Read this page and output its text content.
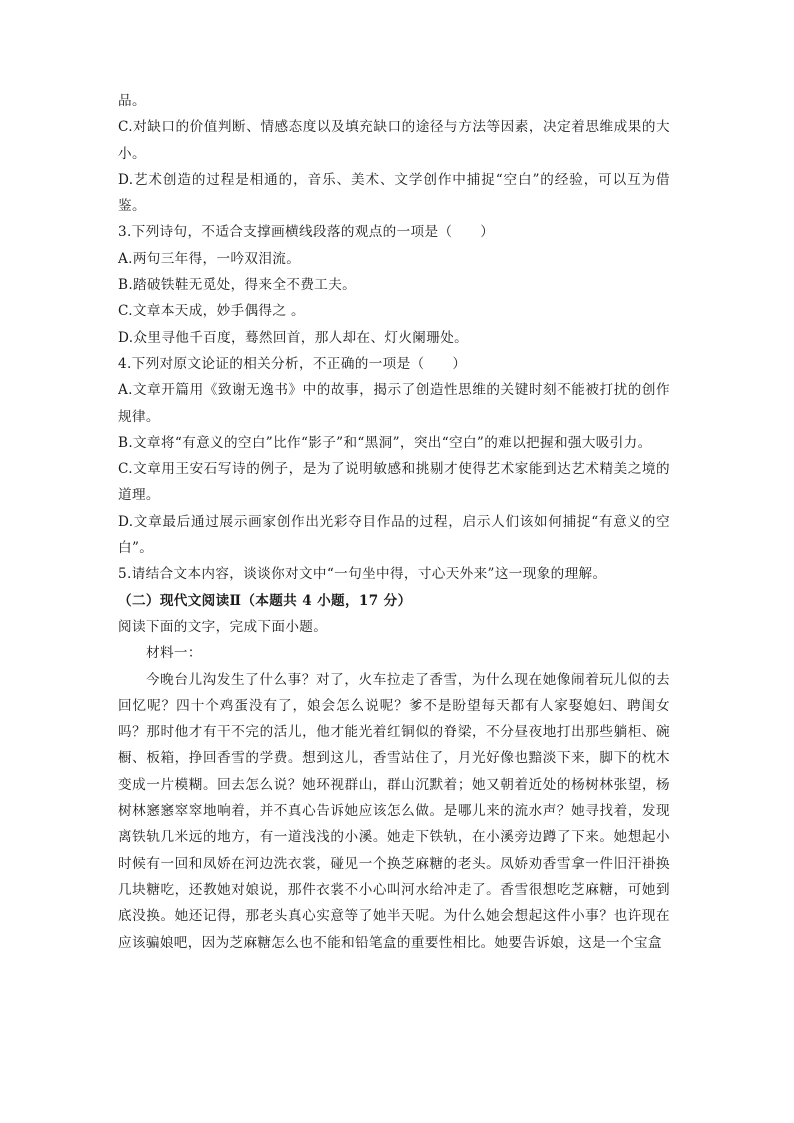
品。

C.对缺口的价值判断、情感态度以及填充缺口的途径与方法等因素，决定着思维成果的大小。

D.艺术创造的过程是相通的，音乐、美术、文学创作中捕捉“空白”的经验，可以互为借鉴。

3.下列诗句，不适合支撑画横线段落的观点的一项是（　　）

A.两句三年得，一吟双泪流。

B.踏破铁鞋无觅处，得来全不费工夫。

C.文章本天成，妙手偶得之 。

D.众里寻他千百度，蓦然回首，那人却在、灯火阑珊处。

4.下列对原文论证的相关分析，不正确的一项是（　　）

A.文章开篇用《致谢无逸书》中的故事，揭示了创造性思维的关键时刻不能被打扰的创作规律。

B.文章将“有意义的空白”比作“影子”和“黑洞”，突出“空白”的难以把握和强大吸引力。

C.文章用王安石写诗的例子，是为了说明敏感和挑剔才使得艺术家能到达艺术精美之境的道理。

D.文章最后通过展示画家创作出光彩夺目作品的过程，启示人们该如何捕捉“有意义的空白”。

5.请结合文本内容，谈谈你对文中“一句坐中得，寸心天外来”这一现象的理解。

（二）现代文阅读Ⅱ（本题共 4 小题，17 分）

阅读下面的文字，完成下面小题。

材料一：

今晚台儿沟发生了什么事？对了，火车拉走了香雪，为什么现在她像闹着玩儿似的去回忆呢？四十个鸡蛋没有了，娘会怎么说呢？爹不是盼望每天都有人家娶媳妇、聘闺女吗？那时他才有干不完的活儿，他才能光着红铜似的脊梁，不分昼夜地打出那些躺柜、碗橱、板箱，挣回香雪的学费。想到这儿，香雪站住了，月光好像也黯淡下来，脚下的枕木变成一片模糊。回去怎么说？她环视群山，群山沉默着；她又朝着近处的杨树林张望，杨树林窸窸窣窣地响着，并不真心告诉她应该怎么做。是哪儿来的流水声？她寻找着，发现离铁轨几米远的地方，有一道浅浅的小溪。她走下铁轨，在小溪旁边蹲了下来。她想起小时候有一回和凤娇在河边洗衣裳，碰见一个换芝麻糖的老头。凤娇劝香雪拿一件旧汗褂换几块糖吃，还教她对娘说，那件衣裳不小心叫河水给冲走了。香雪很想吃芝麻糖，可她到底没换。她还记得，那老头真心实意等了她半天呢。为什么她会想起这件小事？也许现在应该骗娘吧，因为芝麻糖怎么也不能和铅笔盒的重要性相比。她要告诉娘，这是一个宝盒
